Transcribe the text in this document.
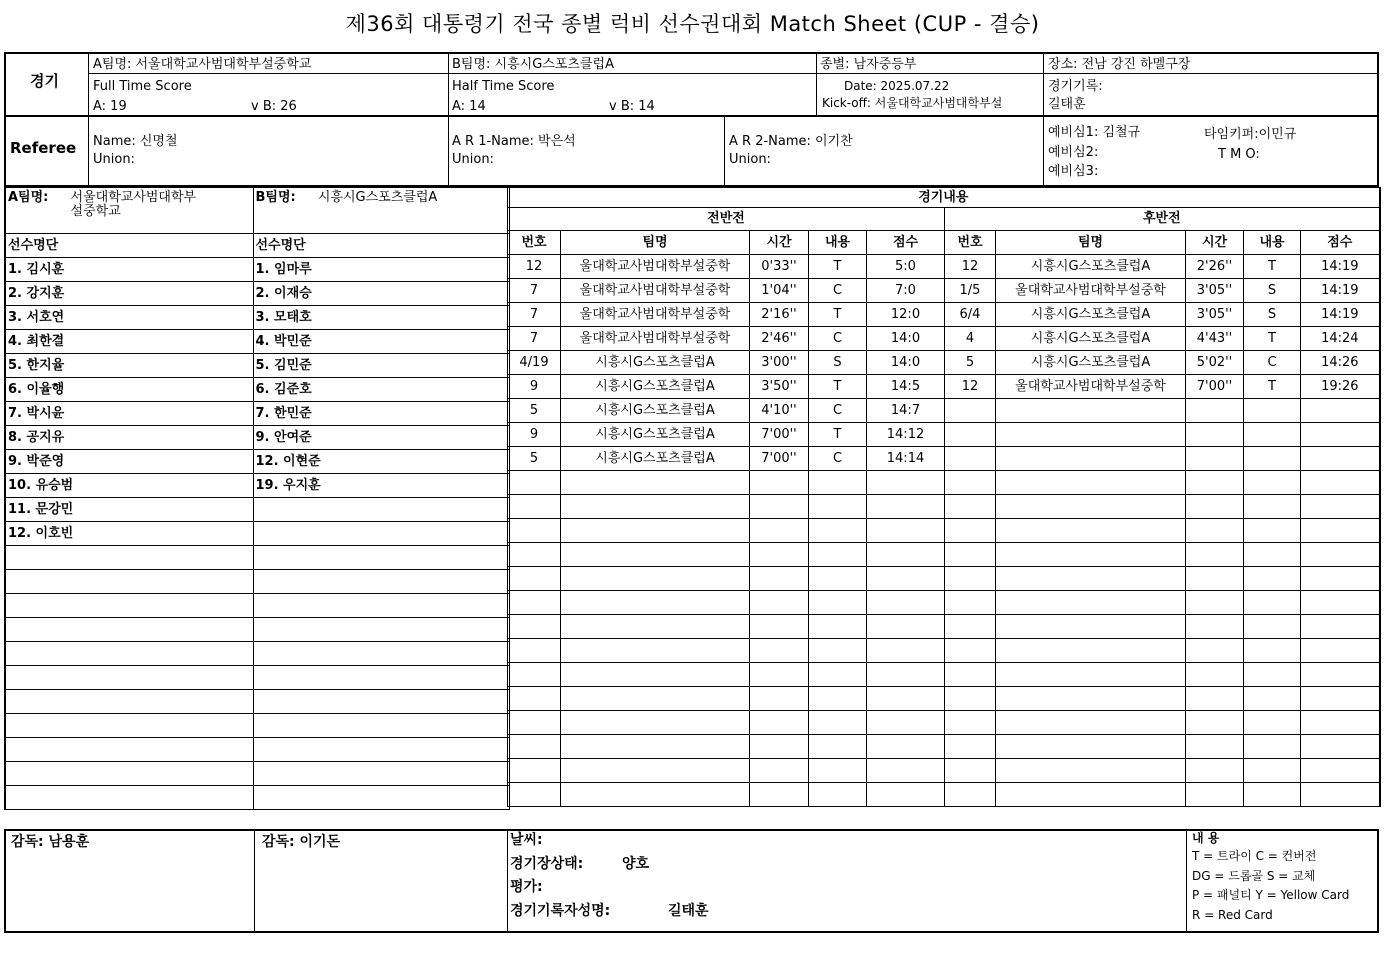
제36회 대통령기 전국 종별 럭비 선수권대회 Match Sheet (CUP - 결승)
경기
A팀명: 서울대학교사범대학부설중학교
Full Time Score
A: 19	v B: 26
B팀명: 시흥시G스포츠클럽A
Half Time Score
A: 14	v B: 14
종별: 남자중등부
Date: 2025.07.22
Kick-off: 서울대학교사범대학부설
장소: 전남 강진 하멜구장
경기기록:
길태훈
Referee Name: 신명철
Union:
A R 1-Name: 박은석
Union:
A R 2-Name: 이기찬
Union:
예비심1: 김철규
예비심2:
예비심3:
타임키퍼:이민규
T M O:
A팀명: 서울대학교사범대학부
설중학교	B팀명: 시흥시G스포츠클럽A
선수명단	선수명단
1. 김시훈	1. 임마루
2. 강지훈	2. 이재승
3. 서호연	3. 모태호
4. 최한결	4. 박민준
5. 한지율	5. 김민준
6. 이율행	6. 김준호
7. 박시윤	7. 한민준
8. 공지유	9. 안여준
9. 박준영	12. 이현준
10. 유승범	19. 우지훈
11. 문강민	
12. 이호빈	

경기내용									
전반전					후반전				
번호	팀명	시간	내용	점수	번호	팀명	시간	내용	점수
12	울대학교사범대학부설중학	0'33''	T	5:0	12	시흥시G스포츠클럽A	2'26''	T	14:19
7	울대학교사범대학부설중학	1'04''	C	7:0	1/5	울대학교사범대학부설중학	3'05''	S	14:19
7	울대학교사범대학부설중학	2'16''	T	12:0	6/4	시흥시G스포츠클럽A	3'05''	S	14:19
7	울대학교사범대학부설중학	2'46''	C	14:0	4	시흥시G스포츠클럽A	4'43''	T	14:24
4/19	시흥시G스포츠클럽A	3'00''	S	14:0	5	시흥시G스포츠클럽A	5'02''	C	14:26
9	시흥시G스포츠클럽A	3'50''	T	14:5	12	울대학교사범대학부설중학	7'00''	T	19:26
5	시흥시G스포츠클럽A	4'10''	C	14:7					
9	시흥시G스포츠클럽A	7'00''	T	14:12					
5	시흥시G스포츠클럽A	7'00''	C	14:14					

감독: 남용훈	감독: 이기돈	날씨:
경기장상태:	양호
평가:
경기기록자성명:	길태훈
내 용
T = 트라이 C = 컨버전
DG = 드롭골 S = 교체
P = 패널티 Y = Yellow Card
R = Red Card
